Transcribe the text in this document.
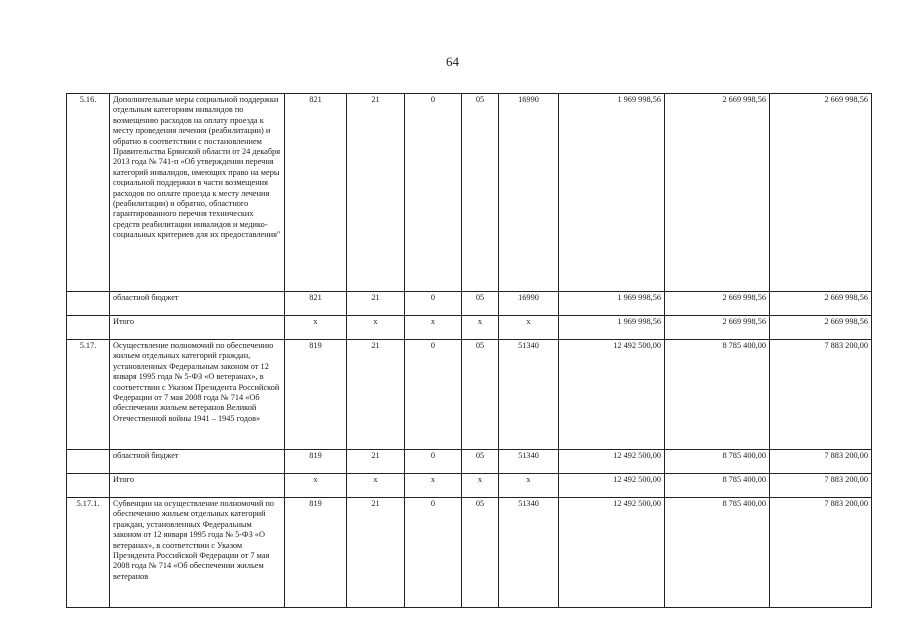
64
5.16.	Дополнительные меры социальной поддержки отдельным категориям инвалидов по возмещению расходов на оплату проезда к месту проведения лечения (реабилитации) и обратно в соответствии с постановлением Правительства Брянской области от 24 декабря 2013 года № 741-п «Об утверждении перечня категорий инвалидов, имеющих право на меры социальной поддержки в части возмещения расходов по оплате проезда к месту лечения (реабилитации) и обратно, областного гарантированного перечня технических средств реабилитации инвалидов и медико-социальных критериев для их предоставления"	821	21	0	05	16990	1 969 998,56	2 669 998,56	2 669 998,56
	областной бюджет	821	21	0	05	16990	1 969 998,56	2 669 998,56	2 669 998,56
	Итого	х	х	х	х	х	1 969 998,56	2 669 998,56	2 669 998,56
5.17.	Осуществление полномочий по обеспечению жильем отдельных категорий граждан, установленных Федеральным законом от 12 января 1995 года № 5-ФЗ «О ветеранах», в соответствии с Указом Президента Российской Федерации от 7 мая 2008 года № 714 «Об обеспечении жильем ветеранов Великой Отечественной войны 1941 – 1945 годов»	819	21	0	05	51340	12 492 500,00	8 785 400,00	7 883 200,00
	областной бюджет	819	21	0	05	51340	12 492 500,00	8 785 400,00	7 883 200,00
	Итого	х	х	х	х	х	12 492 500,00	8 785 400,00	7 883 200,00
5.17.1.	Субвенции на осуществление полномочий по обеспечению жильем отдельных категорий граждан, установленных Федеральным законом от 12 января 1995 года № 5-ФЗ «О ветеранах», в соответствии с Указом Президента Российской Федерации от 7 мая 2008 года № 714 «Об обеспечении жильем ветеранов	819	21	0	05	51340	12 492 500,00	8 785 400,00	7 883 200,00
